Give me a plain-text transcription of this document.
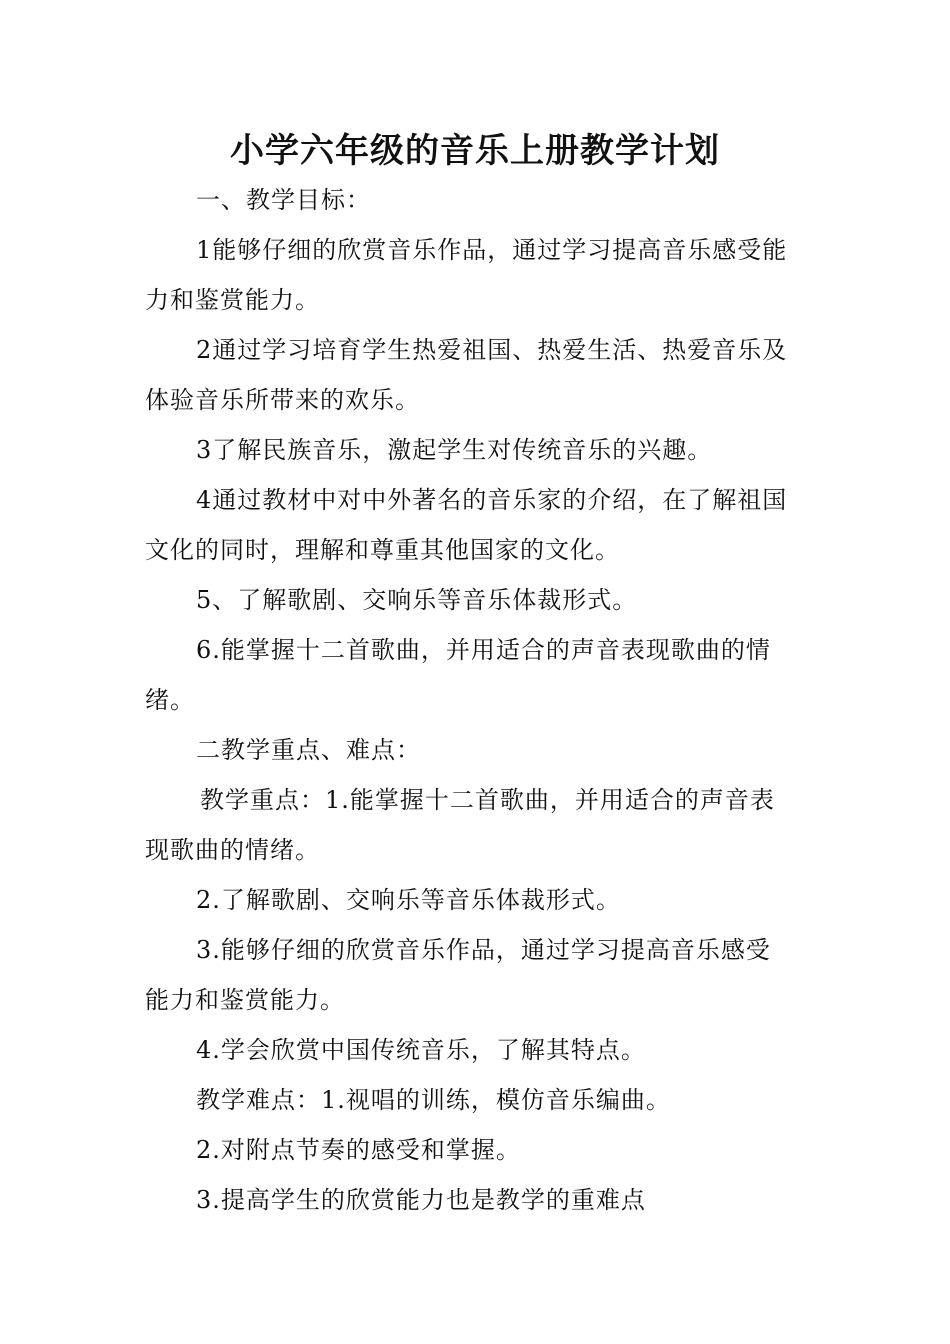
小学六年级的音乐上册教学计划
一、教学目标：
1能够仔细的欣赏音乐作品，通过学习提高音乐感受能
力和鉴赏能力。
2通过学习培育学生热爱祖国、热爱生活、热爱音乐及
体验音乐所带来的欢乐。
3了解民族音乐，激起学生对传统音乐的兴趣。
4通过教材中对中外著名的音乐家的介绍，在了解祖国
文化的同时，理解和尊重其他国家的文化。
5、了解歌剧、交响乐等音乐体裁形式。
6.能掌握十二首歌曲，并用适合的声音表现歌曲的情
绪。
二教学重点、难点：
教学重点：1.能掌握十二首歌曲，并用适合的声音表
现歌曲的情绪。
2.了解歌剧、交响乐等音乐体裁形式。
3.能够仔细的欣赏音乐作品，通过学习提高音乐感受
能力和鉴赏能力。
4.学会欣赏中国传统音乐，了解其特点。
教学难点：1.视唱的训练，模仿音乐编曲。
2.对附点节奏的感受和掌握。
3.提高学生的欣赏能力也是教学的重难点
